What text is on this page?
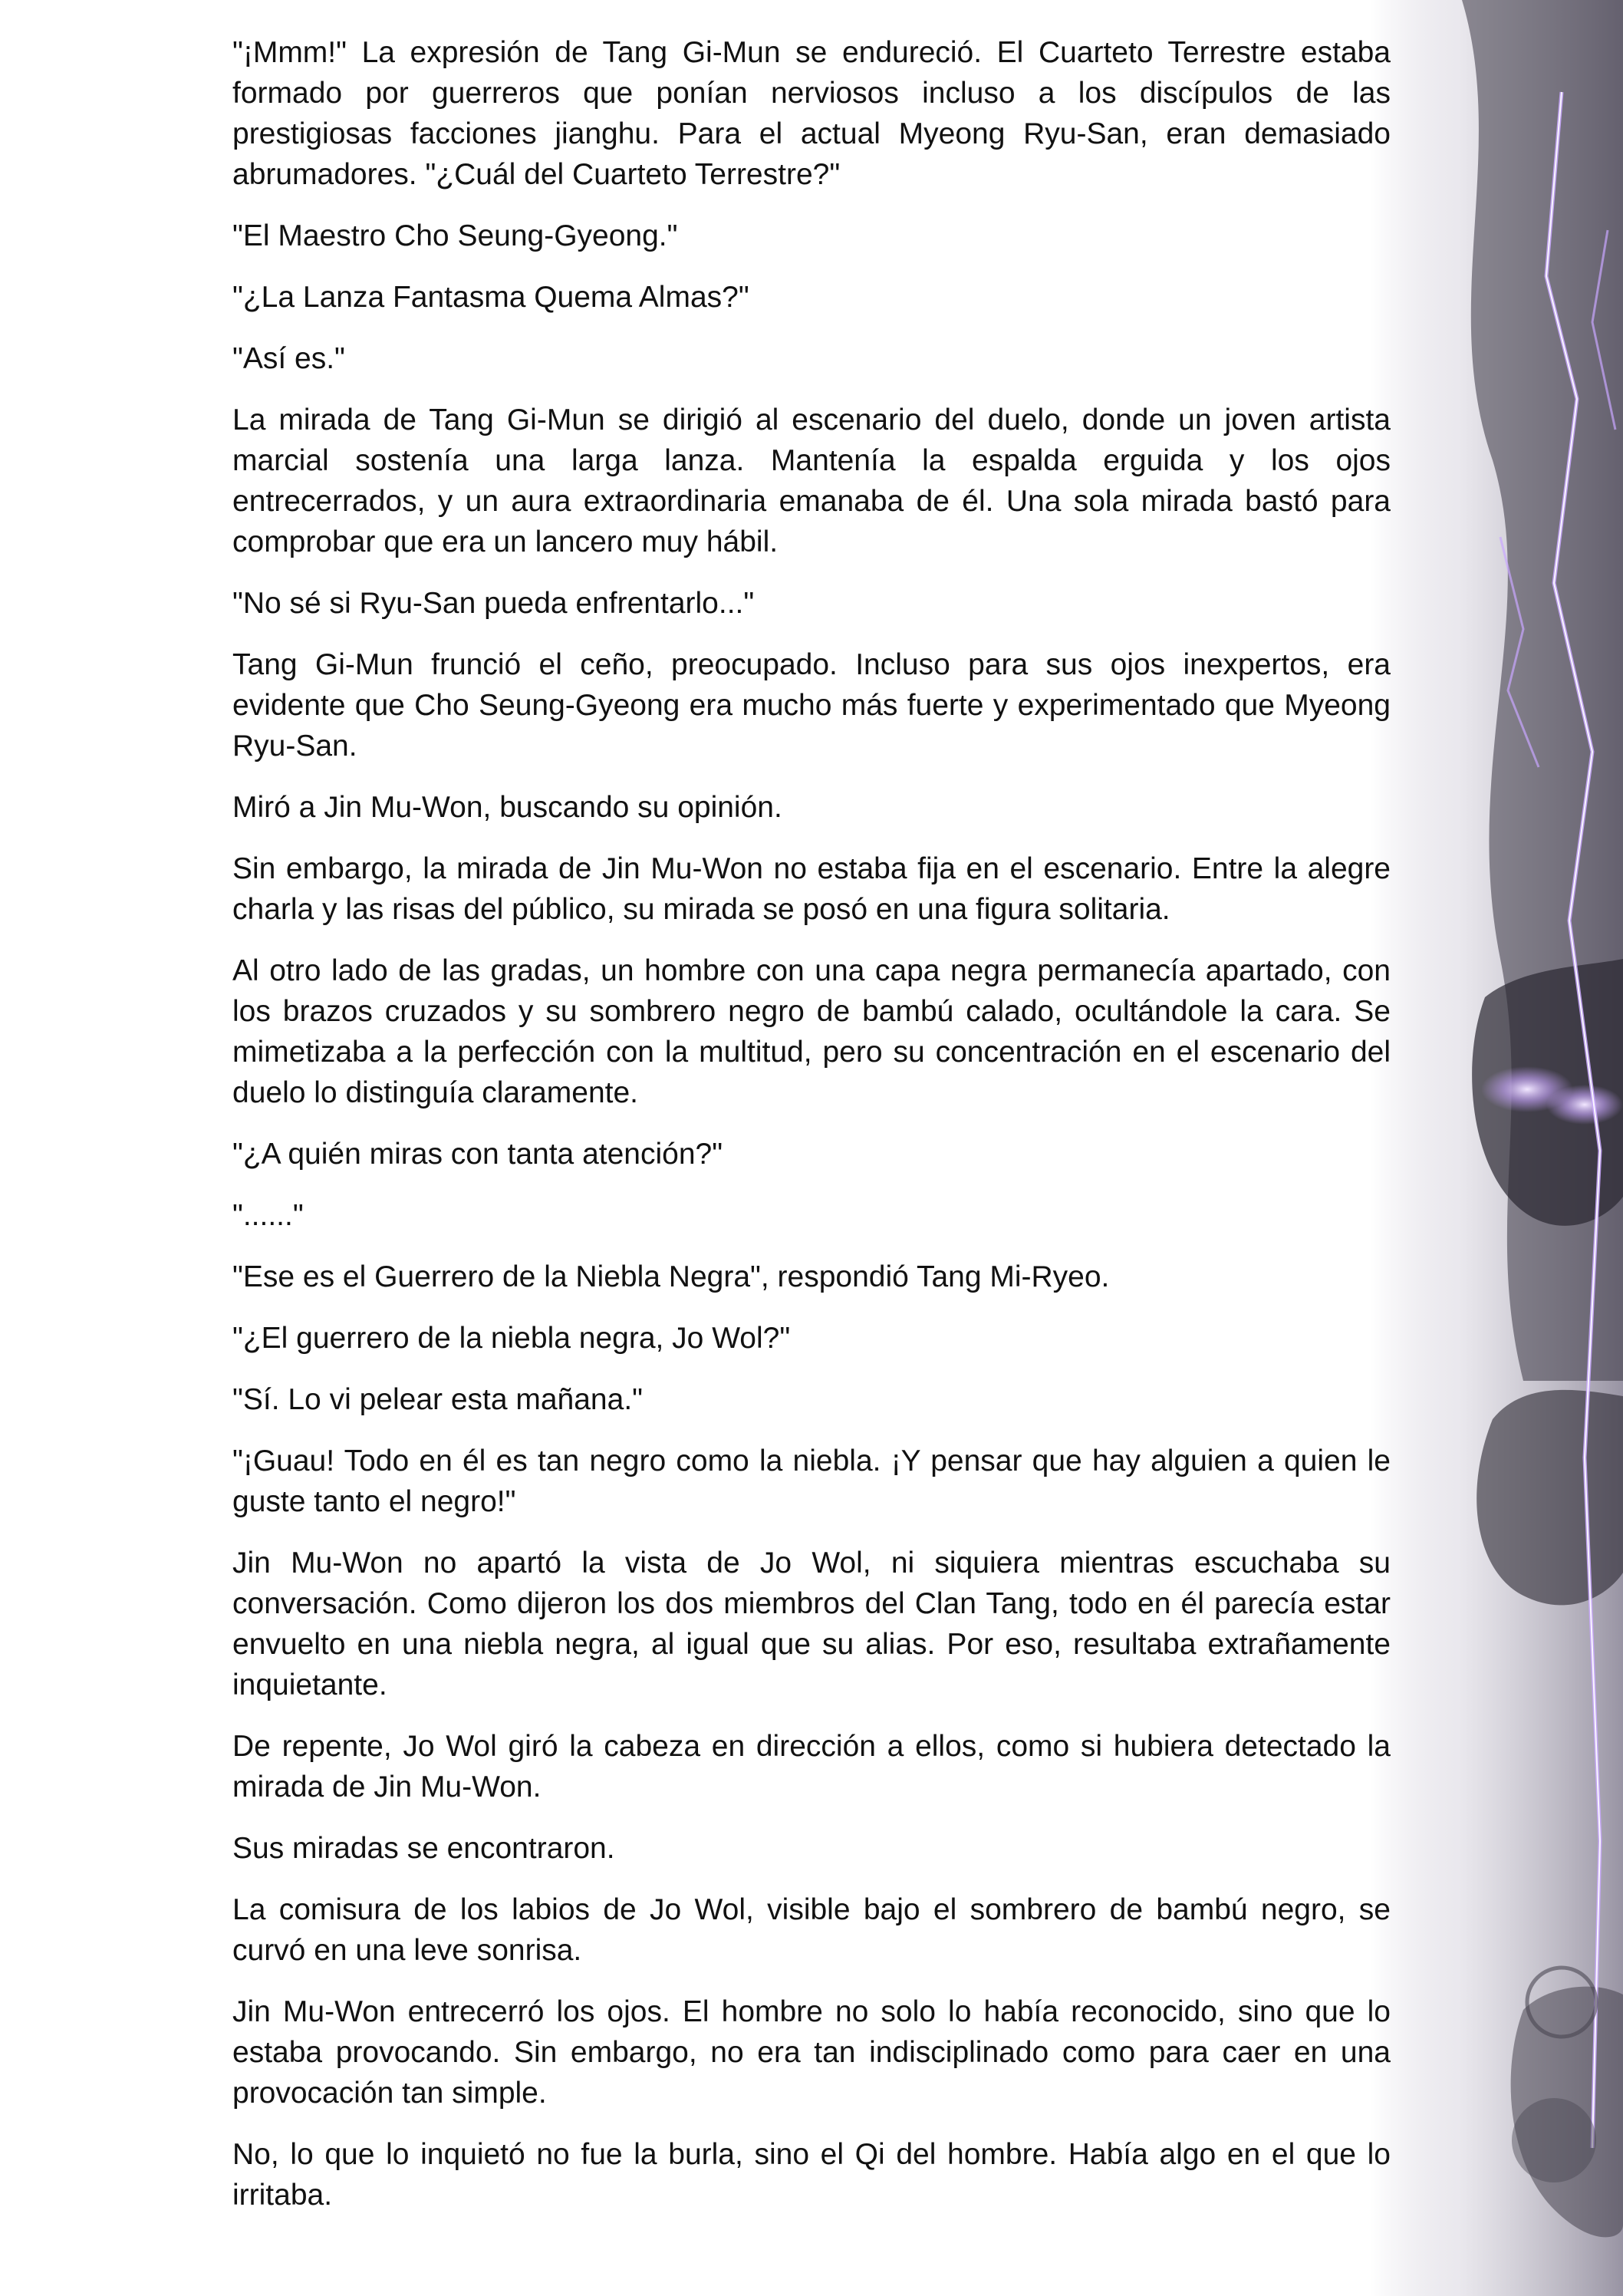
"¡Mmm!" La expresión de Tang Gi-Mun se endureció. El Cuarteto Terrestre estaba formado por guerreros que ponían nerviosos incluso a los discípulos de las prestigiosas facciones jianghu. Para el actual Myeong Ryu-San, eran demasiado abrumadores. "¿Cuál del Cuarteto Terrestre?"

"El Maestro Cho Seung-Gyeong."

"¿La Lanza Fantasma Quema Almas?"

"Así es."

La mirada de Tang Gi-Mun se dirigió al escenario del duelo, donde un joven artista marcial sostenía una larga lanza. Mantenía la espalda erguida y los ojos entrecerrados, y un aura extraordinaria emanaba de él. Una sola mirada bastó para comprobar que era un lancero muy hábil.

"No sé si Ryu-San pueda enfrentarlo..."

Tang Gi-Mun frunció el ceño, preocupado. Incluso para sus ojos inexpertos, era evidente que Cho Seung-Gyeong era mucho más fuerte y experimentado que Myeong Ryu-San.

Miró a Jin Mu-Won, buscando su opinión.

Sin embargo, la mirada de Jin Mu-Won no estaba fija en el escenario. Entre la alegre charla y las risas del público, su mirada se posó en una figura solitaria.

Al otro lado de las gradas, un hombre con una capa negra permanecía apartado, con los brazos cruzados y su sombrero negro de bambú calado, ocultándole la cara. Se mimetizaba a la perfección con la multitud, pero su concentración en el escenario del duelo lo distinguía claramente.

"¿A quién miras con tanta atención?"

"......"

"Ese es el Guerrero de la Niebla Negra", respondió Tang Mi-Ryeo.

"¿El guerrero de la niebla negra, Jo Wol?"

"Sí. Lo vi pelear esta mañana."

"¡Guau! Todo en él es tan negro como la niebla. ¡Y pensar que hay alguien a quien le guste tanto el negro!"

Jin Mu-Won no apartó la vista de Jo Wol, ni siquiera mientras escuchaba su conversación. Como dijeron los dos miembros del Clan Tang, todo en él parecía estar envuelto en una niebla negra, al igual que su alias. Por eso, resultaba extrañamente inquietante.

De repente, Jo Wol giró la cabeza en dirección a ellos, como si hubiera detectado la mirada de Jin Mu-Won.

Sus miradas se encontraron.

La comisura de los labios de Jo Wol, visible bajo el sombrero de bambú negro, se curvó en una leve sonrisa.

Jin Mu-Won entrecerró los ojos. El hombre no solo lo había reconocido, sino que lo estaba provocando. Sin embargo, no era tan indisciplinado como para caer en una provocación tan simple.

No, lo que lo inquietó no fue la burla, sino el Qi del hombre. Había algo en el que lo irritaba.
